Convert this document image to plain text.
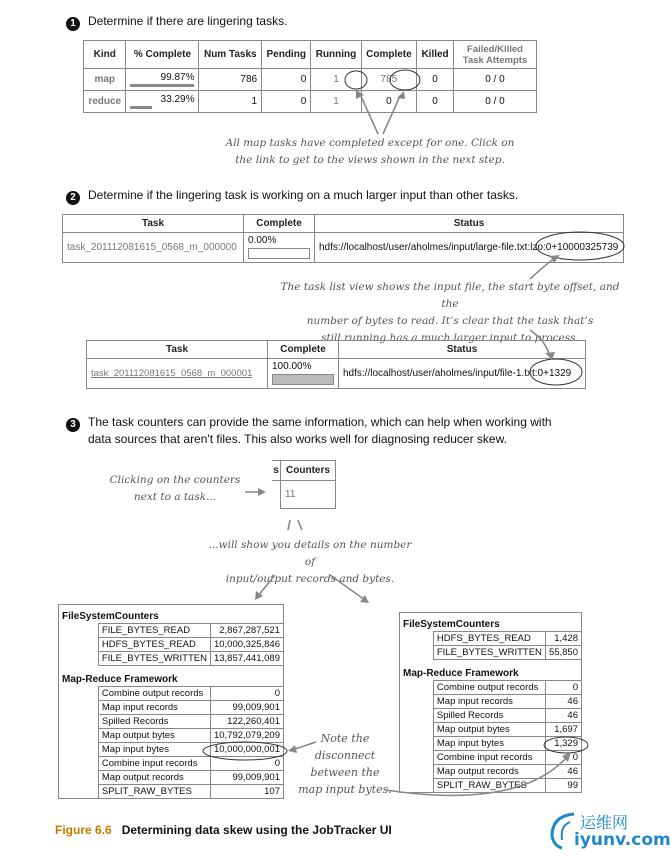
1 Determine if there are lingering tasks.
Kind	% Complete	Num Tasks	Pending	Running	Complete	Killed	Failed/Killed Task Attempts
map	99.87%	786	0	1	785	0	0 / 0
reduce	33.29%	1	0	1	0	0	0 / 0
All map tasks have completed except for one. Click on
the link to get to the views shown in the next step.
2 Determine if the lingering task is working on a much larger input than other tasks.
Task	Complete	Status
task_201112081615_0568_m_000000	0.00%	hdfs://localhost/user/aholmes/input/large-file.txt:lzo:0+10000325739
The task list view shows the input file, the start byte offset, and the
number of bytes to read. It’s clear that the task that’s
still running has a much larger input to process.
Task	Complete	Status
task_201112081615_0568_m_000001	100.00%	hdfs://localhost/user/aholmes/input/file-1.txt:0+1329
3 The task counters can provide the same information, which can help when working with
data sources that aren't files. This also works well for diagnosing reducer skew.
Clicking on the counters
next to a task...
s	Counters
	11
...will show you details on the number of
input/output records and bytes.
FileSystemCounters		
	FILE_BYTES_READ	2,867,287,521
	HDFS_BYTES_READ	10,000,325,846
	FILE_BYTES_WRITTEN	13,857,441,089
Map-Reduce Framework		
	Combine output records	0
	Map input records	99,009,901
	Spilled Records	122,260,401
	Map output bytes	10,792,079,209
	Map input bytes	10,000,000,001
	Combine input records	0
	Map output records	99,009,901
	SPLIT_RAW_BYTES	107
FileSystemCounters		
	HDFS_BYTES_READ	1,428
	FILE_BYTES_WRITTEN	55,850
Map-Reduce Framework		
	Combine output records	0
	Map input records	46
	Spilled Records	46
	Map output bytes	1,697
	Map input bytes	1,329
	Combine input records	0
	Map output records	46
	SPLIT_RAW_BYTES	99
Note the
disconnect
between the
map input bytes.
Figure 6.6 Determining data skew using the JobTracker UI	运维网
iyunv.com
